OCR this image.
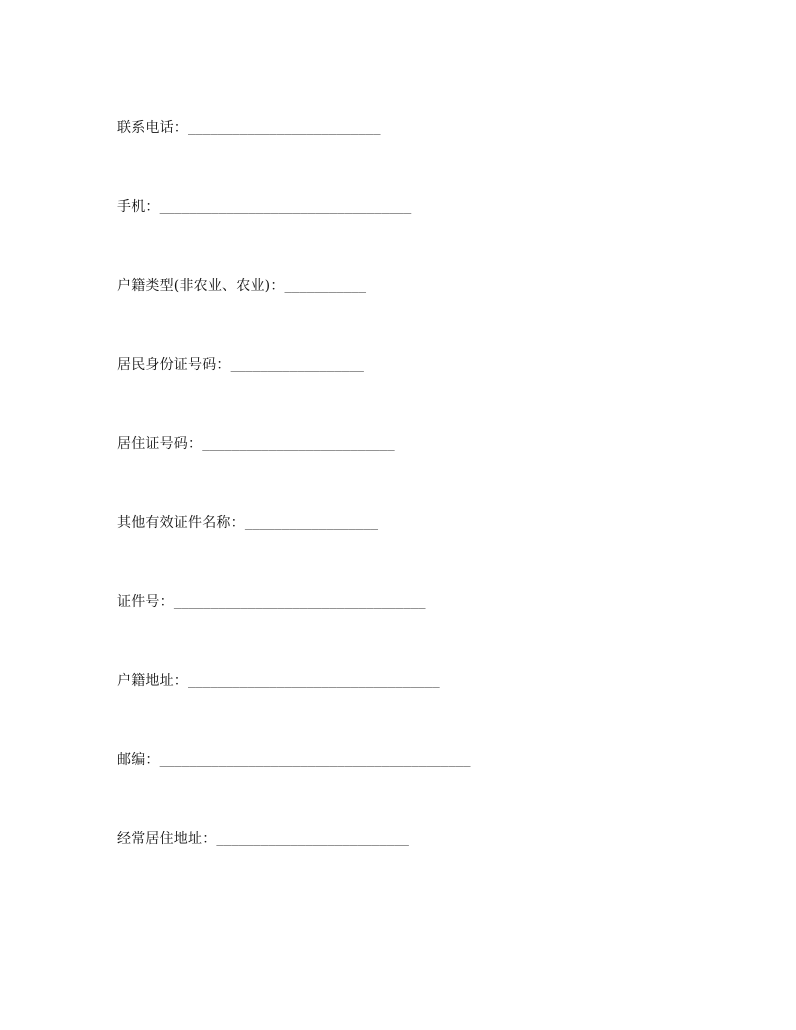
联系电话：__________________________
手机：__________________________________
户籍类型(非农业、农业)：___________
居民身份证号码：__________________
居住证号码：__________________________
其他有效证件名称：__________________
证件号：__________________________________
户籍地址：__________________________________
邮编：__________________________________________
经常居住地址：__________________________
